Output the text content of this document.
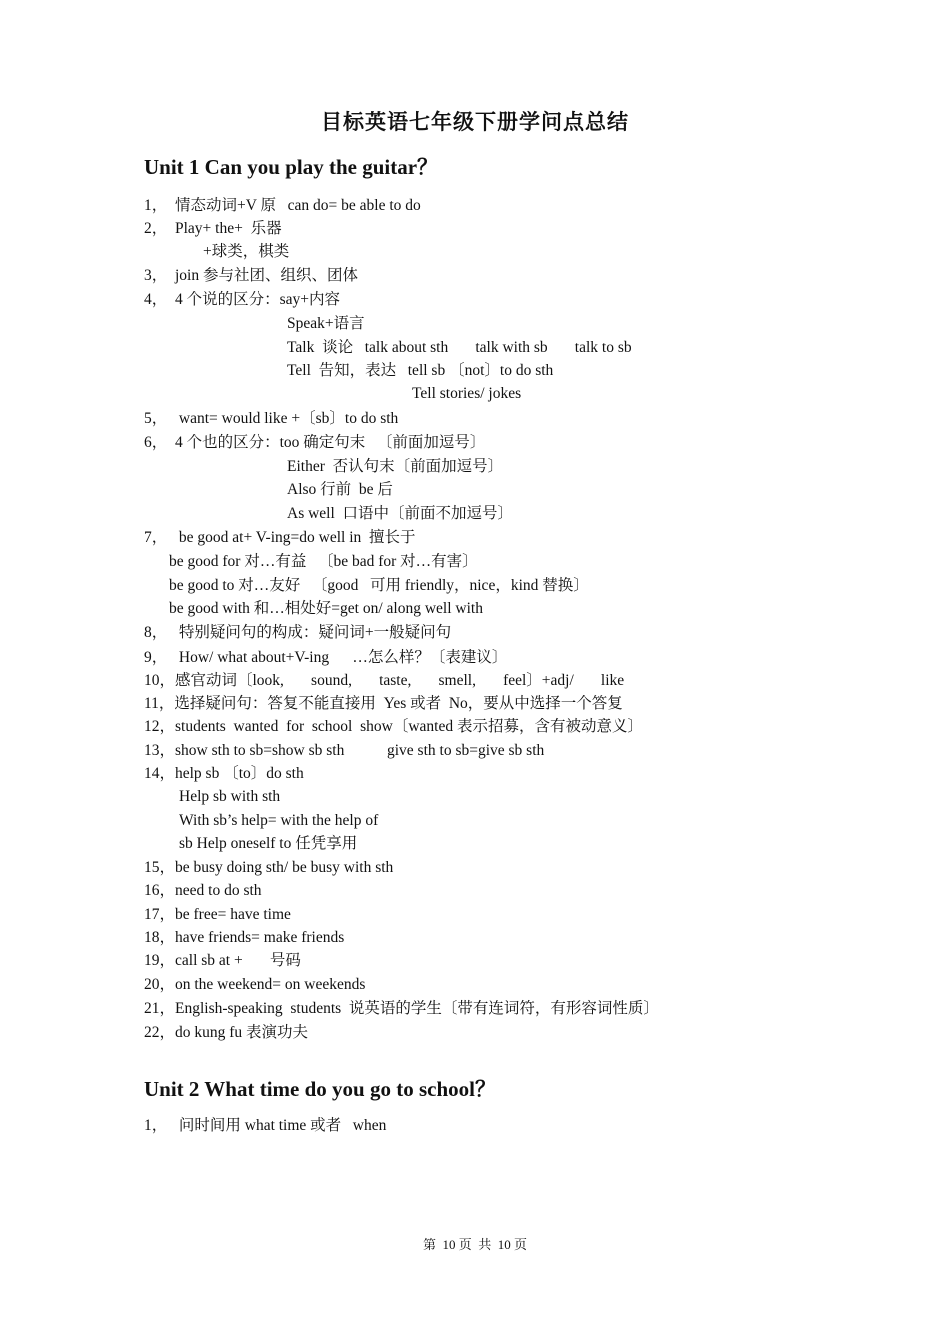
目标英语七年级下册学问点总结
Unit 1 Can you play the guitar？
1，  情态动词+V 原   can do= be able to do
2，  Play+ the+  乐器
+球类，棋类
3，  join 参与社团、组织、团体
4，  4 个说的区分：say+内容
Speak+语言
Talk  谈论   talk about sth       talk with sb       talk to sb
Tell  告知，表达   tell sb 〔not〕to do sth
Tell stories/ jokes
5，   want= would like +〔sb〕to do sth
6，  4 个也的区分：too 确定句末   〔前面加逗号〕
Either  否认句末〔前面加逗号〕
Also 行前  be 后
As well  口语中〔前面不加逗号〕
7，   be good at+ V-ing=do well in  擅长于
be good for 对…有益   〔be bad for 对…有害〕
be good to 对…友好   〔good   可用 friendly，nice，kind 替换〕
be good with 和…相处好=get on/ along well with
8，   特别疑问句的构成：疑问词+一般疑问句
9，   How/ what about+V-ing      …怎么样？〔表建议〕
10，感官动词〔look,       sound,       taste,       smell,       feel〕+adj/       like
11，选择疑问句：答复不能直接用  Yes 或者  No，要从中选择一个答复
12，students  wanted  for  school  show〔wanted 表示招募，含有被动意义〕
13，show sth to sb=show sb sth           give sth to sb=give sb sth
14，help sb 〔to〕do sth
Help sb with sth
With sb’s help= with the help of
sb Help oneself to 任凭享用
15，be busy doing sth/ be busy with sth
16，need to do sth
17，be free= have time
18，have friends= make friends
19，call sb at +       号码
20，on the weekend= on weekends
21，English-speaking  students  说英语的学生〔带有连词符，有形容词性质〕
22，do kung fu 表演功夫
Unit 2 What time do you go to school？
1，   问时间用 what time 或者   when
第  10 页  共  10 页
